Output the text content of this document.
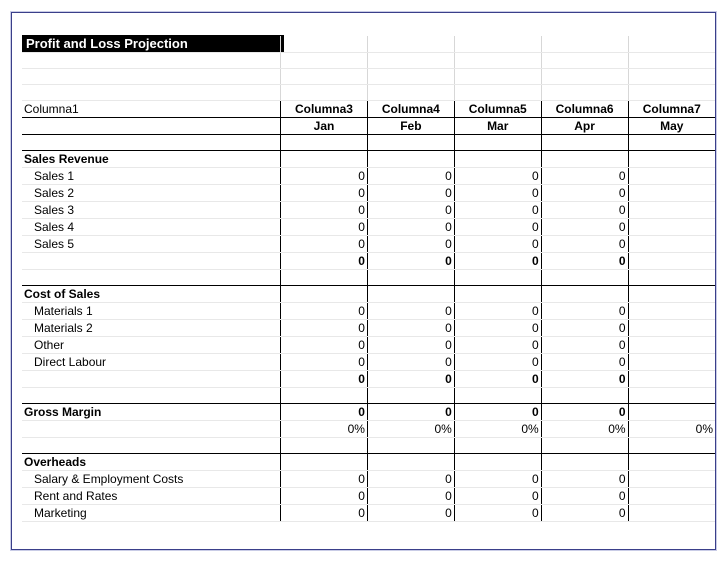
Profit and Loss Projection

Columna1	Columna3	Columna4	Columna5	Columna6	Columna7
	Jan	Feb	Mar	Apr	May

Sales Revenue					
Sales 1	0	0	0	0	
Sales 2	0	0	0	0	
Sales 3	0	0	0	0	
Sales 4	0	0	0	0	
Sales 5	0	0	0	0	
	0	0	0	0	

Cost of Sales					
Materials 1	0	0	0	0	
Materials 2	0	0	0	0	
Other	0	0	0	0	
Direct Labour	0	0	0	0	
	0	0	0	0	

Gross Margin	0	0	0	0	
	0%	0%	0%	0%	0%

Overheads					
Salary & Employment Costs	0	0	0	0	
Rent and Rates	0	0	0	0	
Marketing	0	0	0	0	
